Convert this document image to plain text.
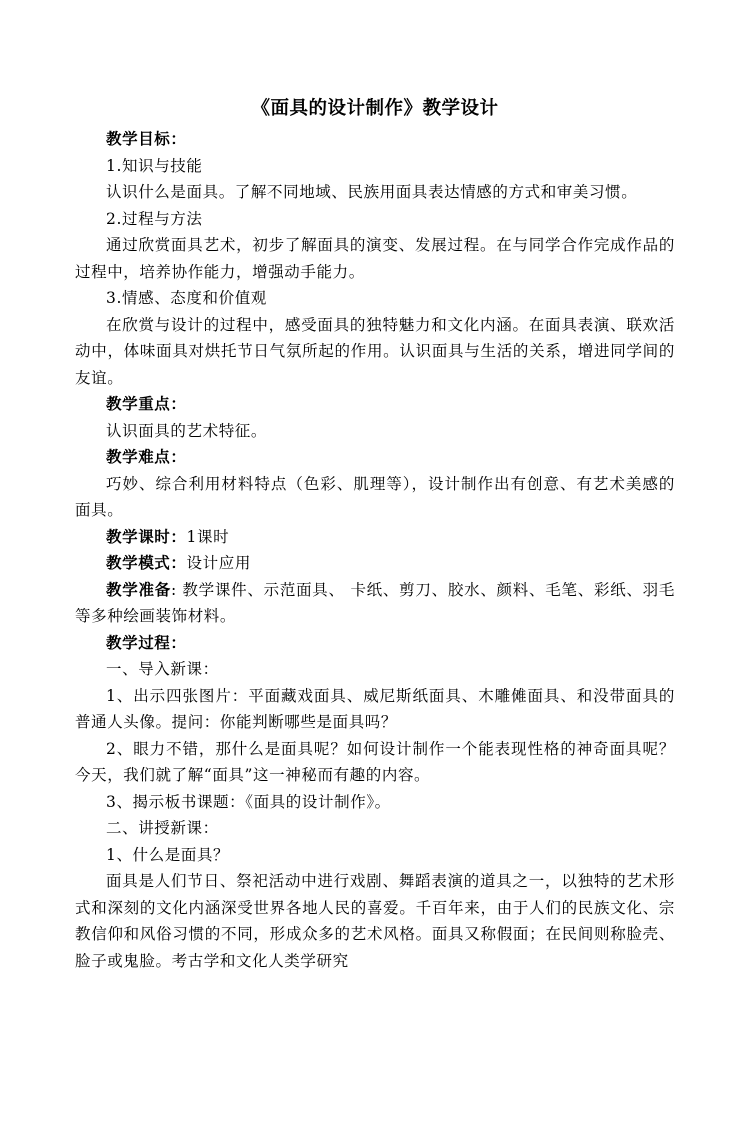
《面具的设计制作》教学设计

教学目标：

1.知识与技能

认识什么是面具。了解不同地域、民族用面具表达情感的方式和审美习惯。

2.过程与方法

通过欣赏面具艺术，初步了解面具的演变、发展过程。在与同学合作完成作品的过程中，培养协作能力，增强动手能力。

3.情感、态度和价值观

在欣赏与设计的过程中，感受面具的独特魅力和文化内涵。在面具表演、联欢活动中，体味面具对烘托节日气氛所起的作用。认识面具与生活的关系，增进同学间的友谊。

教学重点：

认识面具的艺术特征。

教学难点：

巧妙、综合利用材料特点（色彩、肌理等），设计制作出有创意、有艺术美感的面具。

教学课时：1课时

教学模式：设计应用

教学准备: 教学课件、示范面具、 卡纸、剪刀、胶水、颜料、毛笔、彩纸、羽毛等多种绘画装饰材料。

教学过程：

一、导入新课：

1、出示四张图片：平面藏戏面具、威尼斯纸面具、木雕傩面具、和没带面具的普通人头像。提问：你能判断哪些是面具吗？

2、眼力不错，那什么是面具呢？如何设计制作一个能表现性格的神奇面具呢？今天，我们就了解“面具”这一神秘而有趣的内容。

3、揭示板书课题：《面具的设计制作》。

二、讲授新课：

1、什么是面具？

面具是人们节日、祭祀活动中进行戏剧、舞蹈表演的道具之一，以独特的艺术形式和深刻的文化内涵深受世界各地人民的喜爱。千百年来，由于人们的民族文化、宗教信仰和风俗习惯的不同，形成众多的艺术风格。面具又称假面；在民间则称脸壳、脸子或鬼脸。考古学和文化人类学研究
